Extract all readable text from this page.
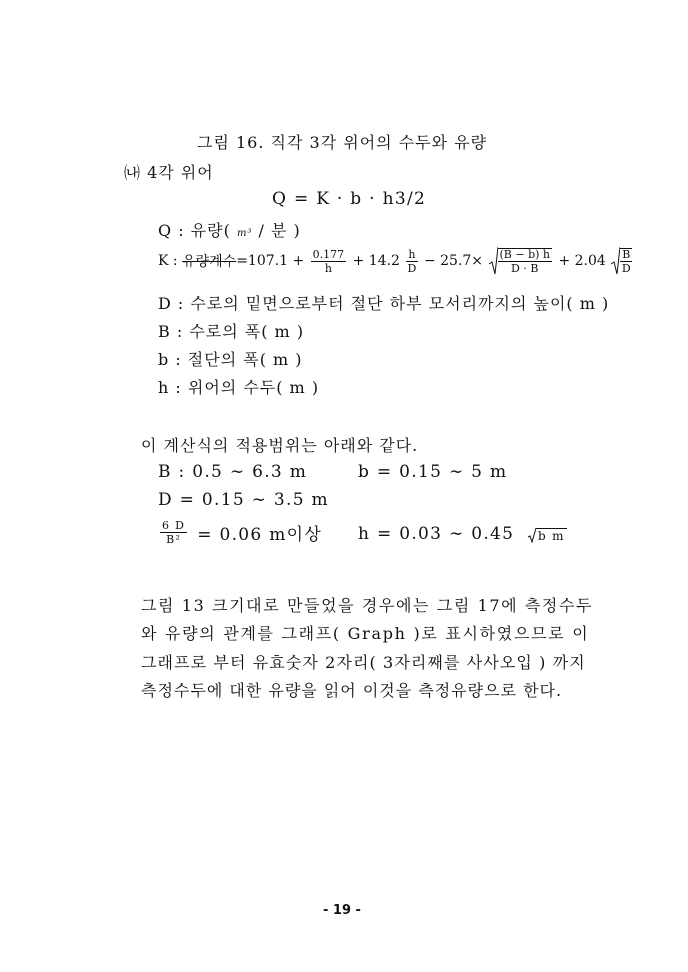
그림 16. 직각 3각 위어의 수두와 유량
㈏ 4각 위어
Q = K · b · h3/2
Q : 유량( m³ / 분 )
K : 유량계수$=107.1 + \frac{0.177}{h} + 14.2 \frac{h}{D} - 25.7\times \frac{(B - b) h}{D \cdot B} + 2.04 \frac{B}{D}$
D : 수로의 밑면으로부터 절단 하부 모서리까지의 높이( m )
B : 수로의 폭( m )
b : 절단의 폭( m )
h : 위어의 수두( m )
이 계산식의 적용범위는 아래와 같다.
B : 0.5 ∼ 6.3 m	b = 0.15 ∼ 5 m
D = 0.15 ∼ 3.5 m
$\frac{6 D}{\text{B²}} = 0.06$ m이상 h = 0.03 ∼ 0.45 b m
그림 13 크기대로 만들었을 경우에는 그림 17에 측정수두
와 유량의 관계를 그래프( Graph )로 표시하였으므로 이
그래프로 부터 유효숫자 2자리( 3자리째를 사사오입 ) 까지
측정수두에 대한 유량을 읽어 이것을 측정유량으로 한다.
- 19 -
